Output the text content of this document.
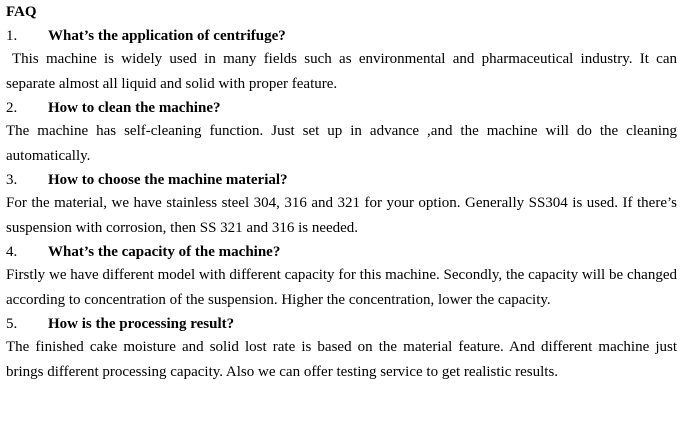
FAQ
1.	What’s the application of centrifuge?
This machine is widely used in many fields such as environmental and pharmaceutical industry. It can separate almost all liquid and solid with proper feature.
2.	How to clean the machine?
The machine has self-cleaning function. Just set up in advance ,and the machine will do the cleaning automatically.
3.	How to choose the machine material?
For the material, we have stainless steel 304, 316 and 321 for your option. Generally SS304 is used. If there’s suspension with corrosion, then SS 321 and 316 is needed.
4.	What’s the capacity of the machine?
Firstly we have different model with different capacity for this machine. Secondly, the capacity will be changed according to concentration of the suspension. Higher the concentration, lower the capacity.
5.	How is the processing result?
The finished cake moisture and solid lost rate is based on the material feature. And different machine just brings different processing capacity. Also we can offer testing service to get realistic results.
